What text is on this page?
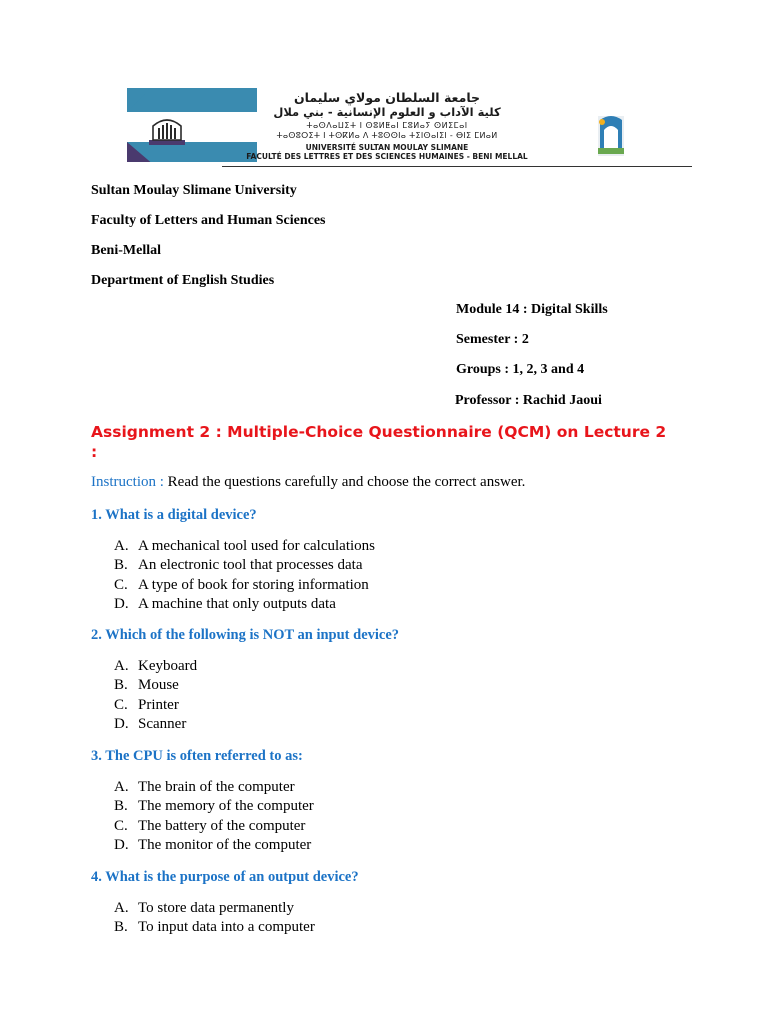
جامعة السلطان مولاي سليمان
كلية الآداب و العلوم الإنسانية - بني ملال
ⵜⴰⵙⴷⴰⵡⵉⵜ ⵏ ⵙⵓⵍⵟⴰⵏ ⵎⵓⵍⴰⵢ ⵙⵍⵉⵎⴰⵏ
ⵜⴰⵙⵓⵔⵉⵜ ⵏ ⵜⵙⴽⵍⴰ ⴷ ⵜⵓⵙⵙⵏⴰ ⵜⵉⵏⵙⴰⵏⵉⵏ - ⴱⵏⵉ ⵎⵍⴰⵍ
UNIVERSITÉ SULTAN MOULAY SLIMANE
FACULTÉ DES LETTRES ET DES SCIENCES HUMAINES - BENI MELLAL
Sultan Moulay Slimane University
Faculty of Letters and Human Sciences
Beni-Mellal
Department of English Studies
Module 14 : Digital Skills
Semester : 2
Groups : 1, 2, 3 and 4
Professor : Rachid Jaoui
Assignment 2 : Multiple-Choice Questionnaire (QCM) on Lecture 2 :
Instruction : Read the questions carefully and choose the correct answer.
1. What is a digital device?
A. A mechanical tool used for calculations
B. An electronic tool that processes data
C. A type of book for storing information
D. A machine that only outputs data
2. Which of the following is NOT an input device?
A. Keyboard
B. Mouse
C. Printer
D. Scanner
3. The CPU is often referred to as:
A. The brain of the computer
B. The memory of the computer
C. The battery of the computer
D. The monitor of the computer
4. What is the purpose of an output device?
A. To store data permanently
B. To input data into a computer
